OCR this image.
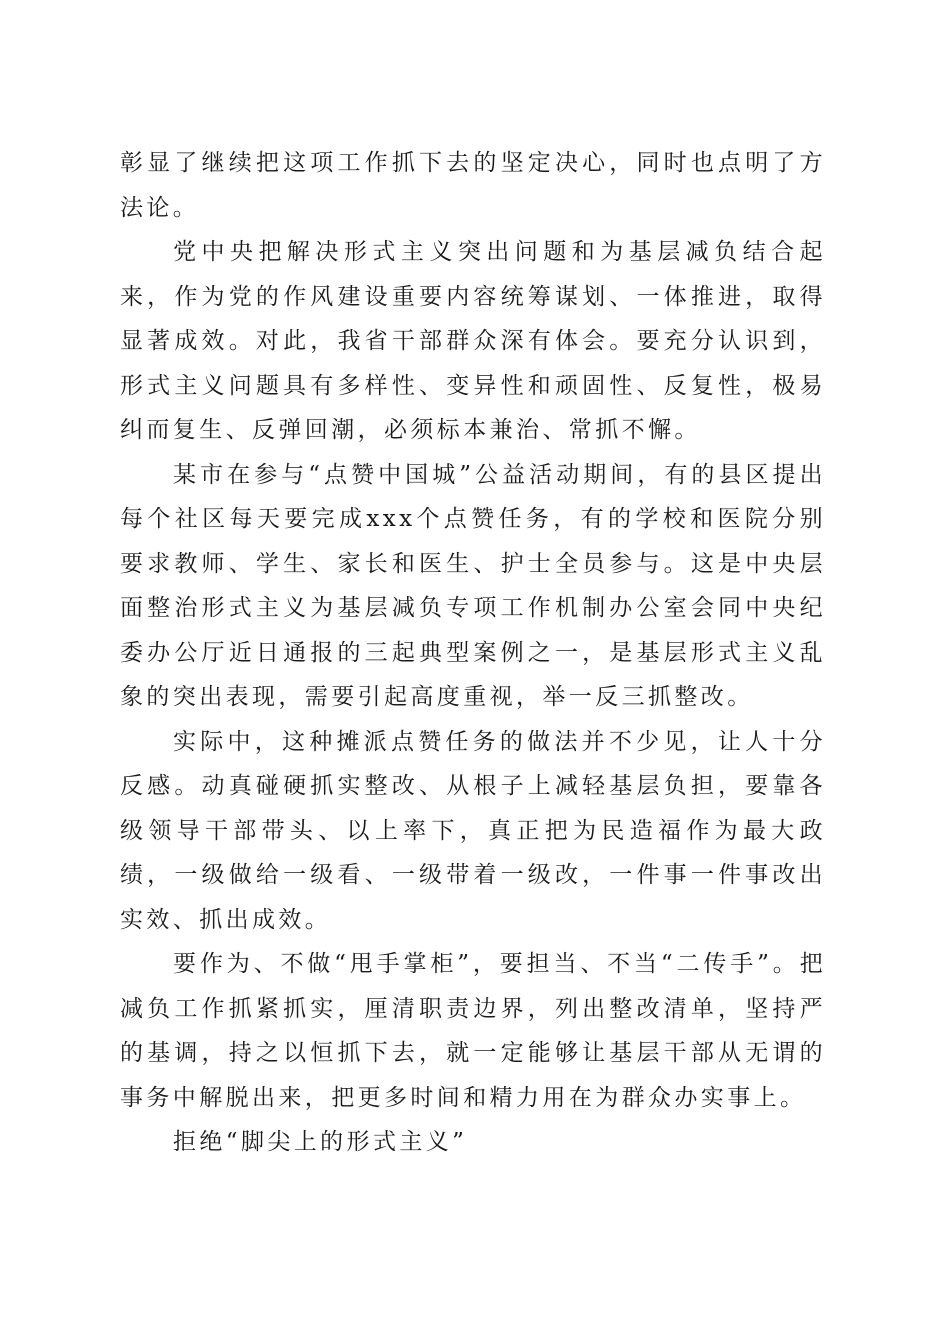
彰显了继续把这项工作抓下去的坚定决心，同时也点明了方法论。

党中央把解决形式主义突出问题和为基层减负结合起来，作为党的作风建设重要内容统筹谋划、一体推进，取得显著成效。对此，我省干部群众深有体会。要充分认识到，形式主义问题具有多样性、变异性和顽固性、反复性，极易纠而复生、反弹回潮，必须标本兼治、常抓不懈。

某市在参与“点赞中国城”公益活动期间，有的县区提出每个社区每天要完成xxx个点赞任务，有的学校和医院分别要求教师、学生、家长和医生、护士全员参与。这是中央层面整治形式主义为基层减负专项工作机制办公室会同中央纪委办公厅近日通报的三起典型案例之一，是基层形式主义乱象的突出表现，需要引起高度重视，举一反三抓整改。

实际中，这种摊派点赞任务的做法并不少见，让人十分反感。动真碰硬抓实整改、从根子上减轻基层负担，要靠各级领导干部带头、以上率下，真正把为民造福作为最大政绩，一级做给一级看、一级带着一级改，一件事一件事改出实效、抓出成效。

要作为、不做“甩手掌柜”，要担当、不当“二传手”。把减负工作抓紧抓实，厘清职责边界，列出整改清单，坚持严的基调，持之以恒抓下去，就一定能够让基层干部从无谓的事务中解脱出来，把更多时间和精力用在为群众办实事上。

拒绝“脚尖上的形式主义”
